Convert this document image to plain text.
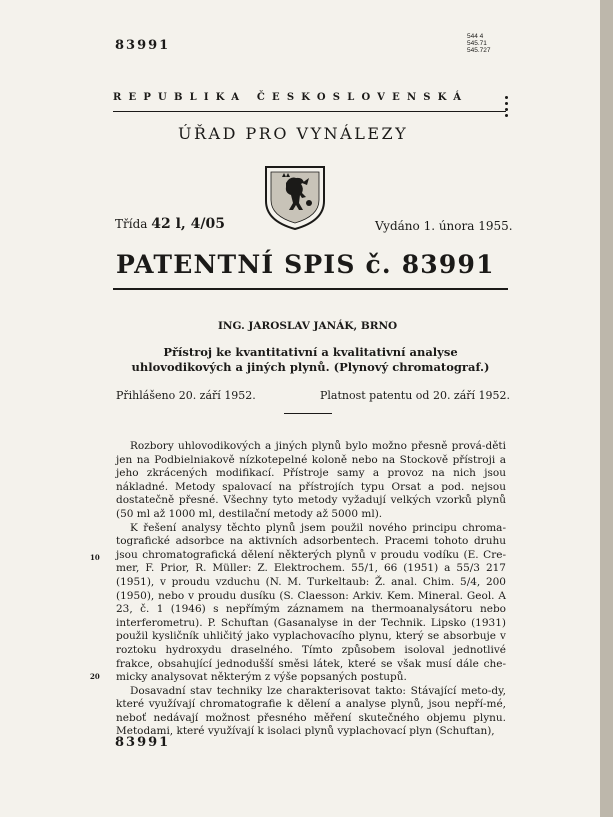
83991
544 4
545.71
545.727
REPUBLIKA ČESKOSLOVENSKÁ
ÚŘAD PRO VYNÁLEZY
Třída 42 l, 4/05	Vydáno 1. února 1955.
PATENTNÍ SPIS č. 83991
ING. JAROSLAV JANÁK, BRNO
Přístroj ke kvantitativní a kvalitativní analyse
uhlovodikových a jiných plynů. (Plynový chromatograf.)
Přihlášeno 20. září 1952.	Platnost patentu od 20. září 1952.
10
20

Rozbory uhlovodikových a jiných plynů bylo možno přesně prová-děti jen na Podbielniakově nízkotepelné koloně nebo na Stockově přístroji a jeho zkrácených modifikací. Přístroje samy a provoz na nich jsou nákladné. Metody spalovací na přístrojích typu Orsat a pod. nejsou dostatečně přesné. Všechny tyto metody vyžadují velkých vzorků plynů (50 ml až 1000 ml, destilační metody až 5000 ml).

K řešení analysy těchto plynů jsem použil nového principu chroma-tografické adsorbce na aktivních adsorbentech. Pracemi tohoto druhu jsou chromatografická dělení některých plynů v proudu vodíku (E. Cre-mer, F. Prior, R. Müller: Z. Elektrochem. 55/1, 66 (1951) a 55/3 217 (1951), v proudu vzduchu (N. M. Turkeltaub: Ž. anal. Chim. 5/4, 200 (1950), nebo v proudu dusíku (S. Claesson: Arkiv. Kem. Mineral. Geol. A 23, č. 1 (1946) s nepřímým záznamem na thermoanalysátoru nebo interferometru). P. Schuftan (Gasanalyse in der Technik. Lipsko (1931) použil kysličník uhličitý jako vyplachovacího plynu, který se absorbuje v roztoku hydroxydu draselného. Tímto způsobem isoloval jednotlivé frakce, obsahující jednodušší směsi látek, které se však musí dále che-micky analysovat některým z výše popsaných postupů.

Dosavadní stav techniky lze charakterisovat takto: Stávající meto-dy, které využívají chromatografie k dělení a analyse plynů, jsou nepří-mé, neboť nedávají možnost přesného měření skutečného objemu plynu. Metodami, které využívají k isolaci plynů vyplachovací plyn (Schuftan),

83991
